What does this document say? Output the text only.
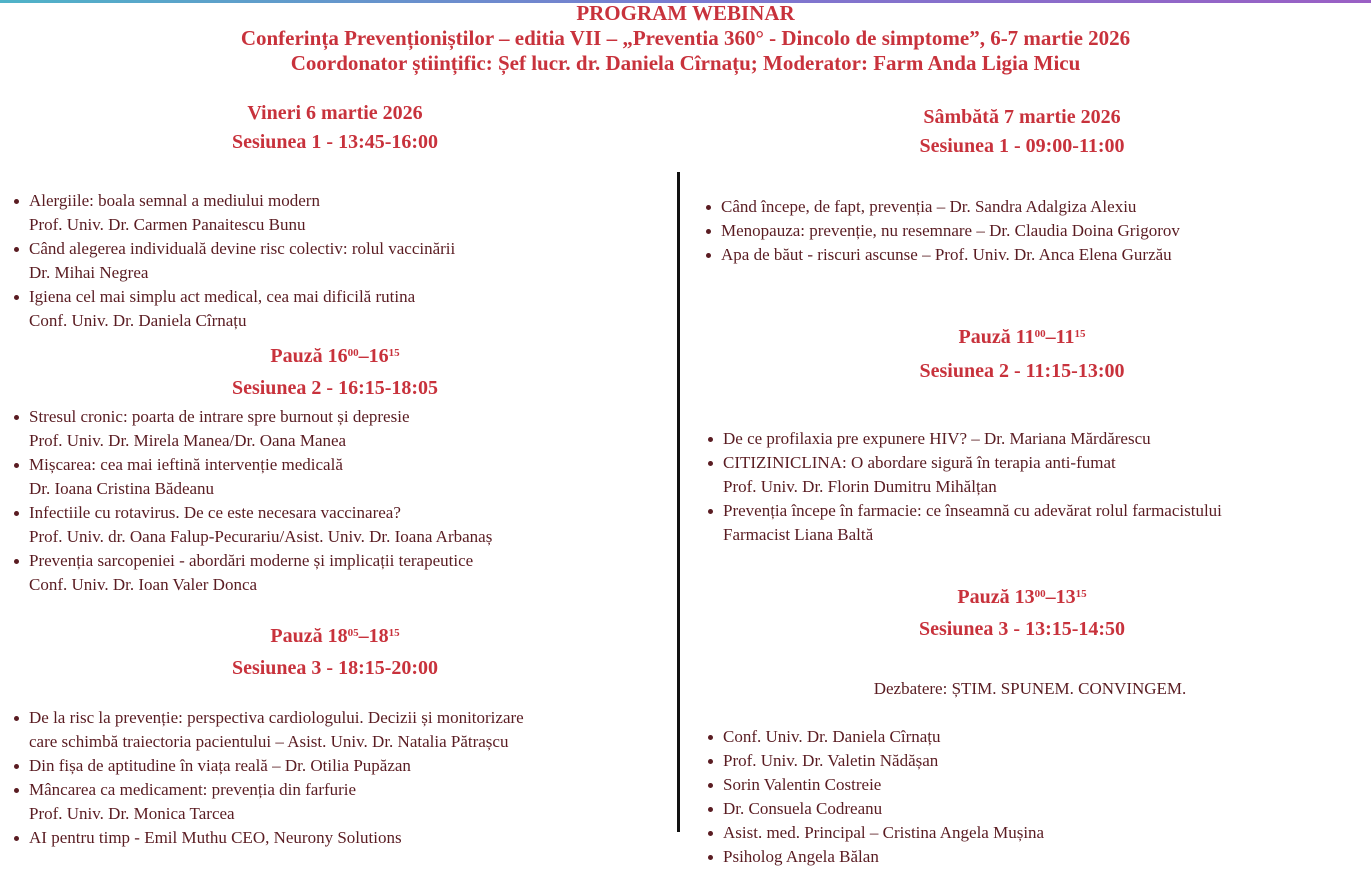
PROGRAM WEBINAR
Conferința Prevenționiștilor – editia VII – „Preventia 360° - Dincolo de simptome”, 6-7 martie 2026
Coordonator științific: Șef lucr. dr. Daniela Cîrnațu; Moderator: Farm Anda Ligia Micu
Vineri 6 martie 2026
Sesiunea 1 - 13:45-16:00
Alergiile: boala semnal a mediului modern
Prof. Univ. Dr. Carmen Panaitescu Bunu
Când alegerea individuală devine risc colectiv: rolul vaccinării
Dr. Mihai Negrea
Igiena cel mai simplu act medical, cea mai dificilă rutina
Conf. Univ. Dr. Daniela Cîrnațu
Pauză $16^{00}-16^{15}$
Sesiunea 2 - 16:15-18:05
Stresul cronic: poarta de intrare spre burnout și depresie
Prof. Univ. Dr. Mirela Manea/Dr. Oana Manea
Mișcarea: cea mai ieftină intervenție medicală
Dr. Ioana Cristina Bădeanu
Infectiile cu rotavirus. De ce este necesara vaccinarea?
Prof. Univ. dr. Oana Falup-Pecurariu/Asist. Univ. Dr. Ioana Arbanaș
Prevenția sarcopeniei - abordări moderne și implicații terapeutice
Conf. Univ. Dr. Ioan Valer Donca
Pauză $18^{05}-18^{15}$
Sesiunea 3 - 18:15-20:00
De la risc la prevenție: perspectiva cardiologului. Decizii și monitorizare
care schimbă traiectoria pacientului – Asist. Univ. Dr. Natalia Pătrașcu
Din fișa de aptitudine în viața reală – Dr. Otilia Pupăzan
Mâncarea ca medicament: prevenția din farfurie
Prof. Univ. Dr. Monica Tarcea
AI pentru timp - Emil Muthu CEO, Neurony Solutions
Sâmbătă 7 martie 2026
Sesiunea 1 - 09:00-11:00
Când începe, de fapt, prevenția – Dr. Sandra Adalgiza Alexiu
Menopauza: prevenție, nu resemnare – Dr. Claudia Doina Grigorov
Apa de băut - riscuri ascunse – Prof. Univ. Dr. Anca Elena Gurzău
Pauză $11^{00}-11^{15}$
Sesiunea 2 - 11:15-13:00
De ce profilaxia pre expunere HIV? – Dr. Mariana Mărdărescu
CITIZINICLINA: O abordare sigură în terapia anti-fumat
Prof. Univ. Dr. Florin Dumitru Mihălțan
Prevenția începe în farmacie: ce înseamnă cu adevărat rolul farmacistului
Farmacist Liana Baltă
Pauză $13^{00}-13^{15}$
Sesiunea 3 - 13:15-14:50
Dezbatere: ȘTIM. SPUNEM. CONVINGEM.
Conf. Univ. Dr. Daniela Cîrnațu
Prof. Univ. Dr. Valetin Nădășan
Sorin Valentin Costreie
Dr. Consuela Codreanu
Asist. med. Principal – Cristina Angela Mușina
Psiholog Angela Bălan
